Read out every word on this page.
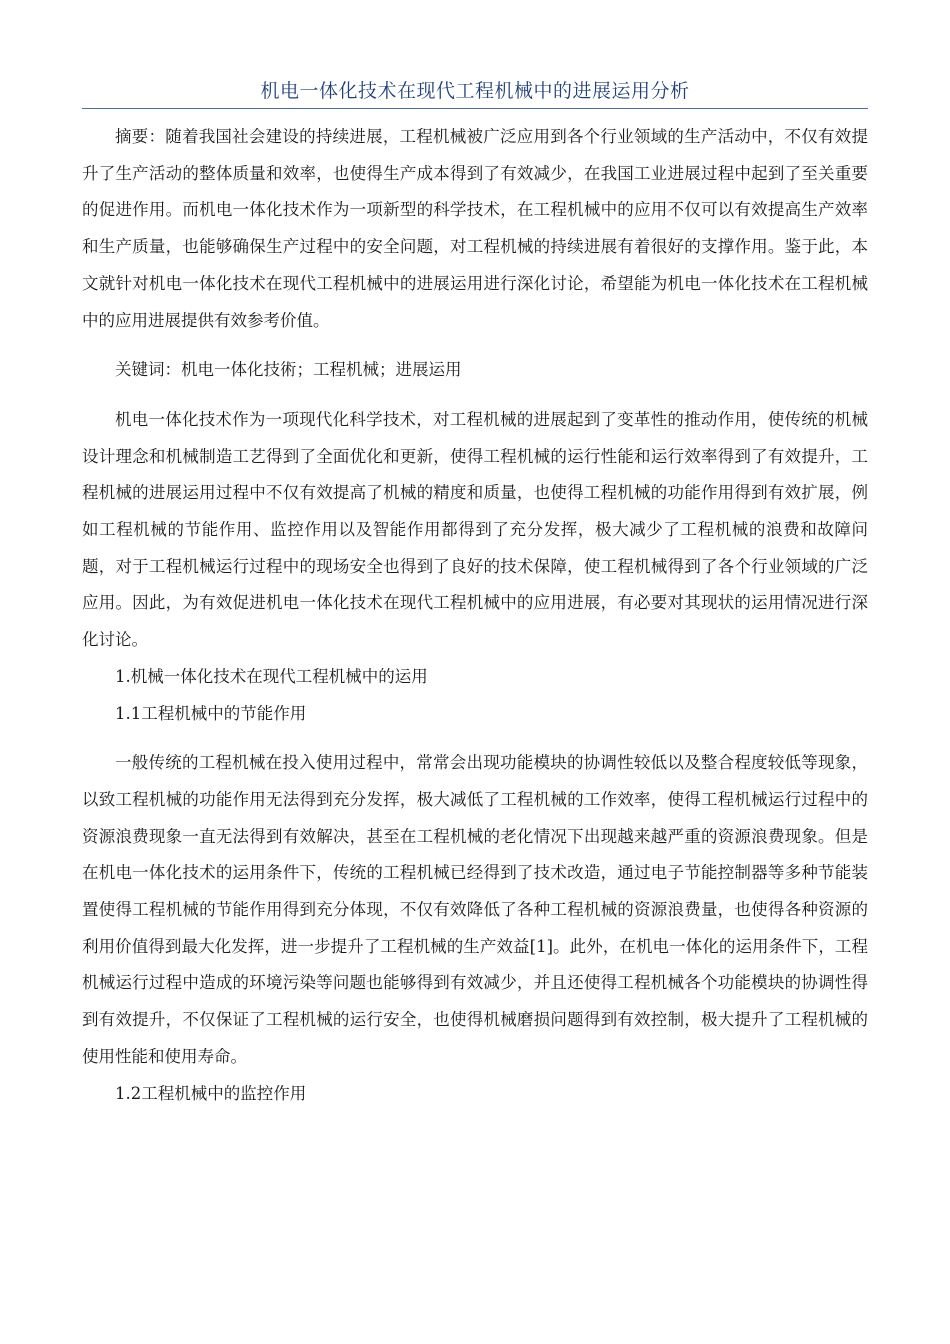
机电一体化技术在现代工程机械中的进展运用分析

摘要：随着我国社会建设的持续进展，工程机械被广泛应用到各个行业领域的生产活动中，不仅有效提升了生产活动的整体质量和效率，也使得生产成本得到了有效减少，在我国工业进展过程中起到了至关重要的促进作用。而机电一体化技术作为一项新型的科学技术，在工程机械中的应用不仅可以有效提高生产效率和生产质量，也能够确保生产过程中的安全问题，对工程机械的持续进展有着很好的支撑作用。鉴于此，本文就针对机电一体化技术在现代工程机械中的进展运用进行深化讨论，希望能为机电一体化技术在工程机械中的应用进展提供有效参考价值。

关键词：机电一体化技術；工程机械；进展运用

机电一体化技术作为一项现代化科学技术，对工程机械的进展起到了变革性的推动作用，使传统的机械设计理念和机械制造工艺得到了全面优化和更新，使得工程机械的运行性能和运行效率得到了有效提升，工程机械的进展运用过程中不仅有效提高了机械的精度和质量，也使得工程机械的功能作用得到有效扩展，例如工程机械的节能作用、监控作用以及智能作用都得到了充分发挥，极大减少了工程机械的浪费和故障问题，对于工程机械运行过程中的现场安全也得到了良好的技术保障，使工程机械得到了各个行业领域的广泛应用。因此，为有效促进机电一体化技术在现代工程机械中的应用进展，有必要对其现状的运用情况进行深化讨论。

1.机械一体化技术在现代工程机械中的运用

1.1工程机械中的节能作用

一般传统的工程机械在投入使用过程中，常常会出现功能模块的协调性较低以及整合程度较低等现象，以致工程机械的功能作用无法得到充分发挥，极大减低了工程机械的工作效率，使得工程机械运行过程中的资源浪费现象一直无法得到有效解决，甚至在工程机械的老化情况下出现越来越严重的资源浪费现象。但是在机电一体化技术的运用条件下，传统的工程机械已经得到了技术改造，通过电子节能控制器等多种节能装置使得工程机械的节能作用得到充分体现，不仅有效降低了各种工程机械的资源浪费量，也使得各种资源的利用价值得到最大化发挥，进一步提升了工程机械的生产效益[1]。此外，在机电一体化的运用条件下，工程机械运行过程中造成的环境污染等问题也能够得到有效减少，并且还使得工程机械各个功能模块的协调性得到有效提升，不仅保证了工程机械的运行安全，也使得机械磨损问题得到有效控制，极大提升了工程机械的使用性能和使用寿命。

1.2工程机械中的监控作用
